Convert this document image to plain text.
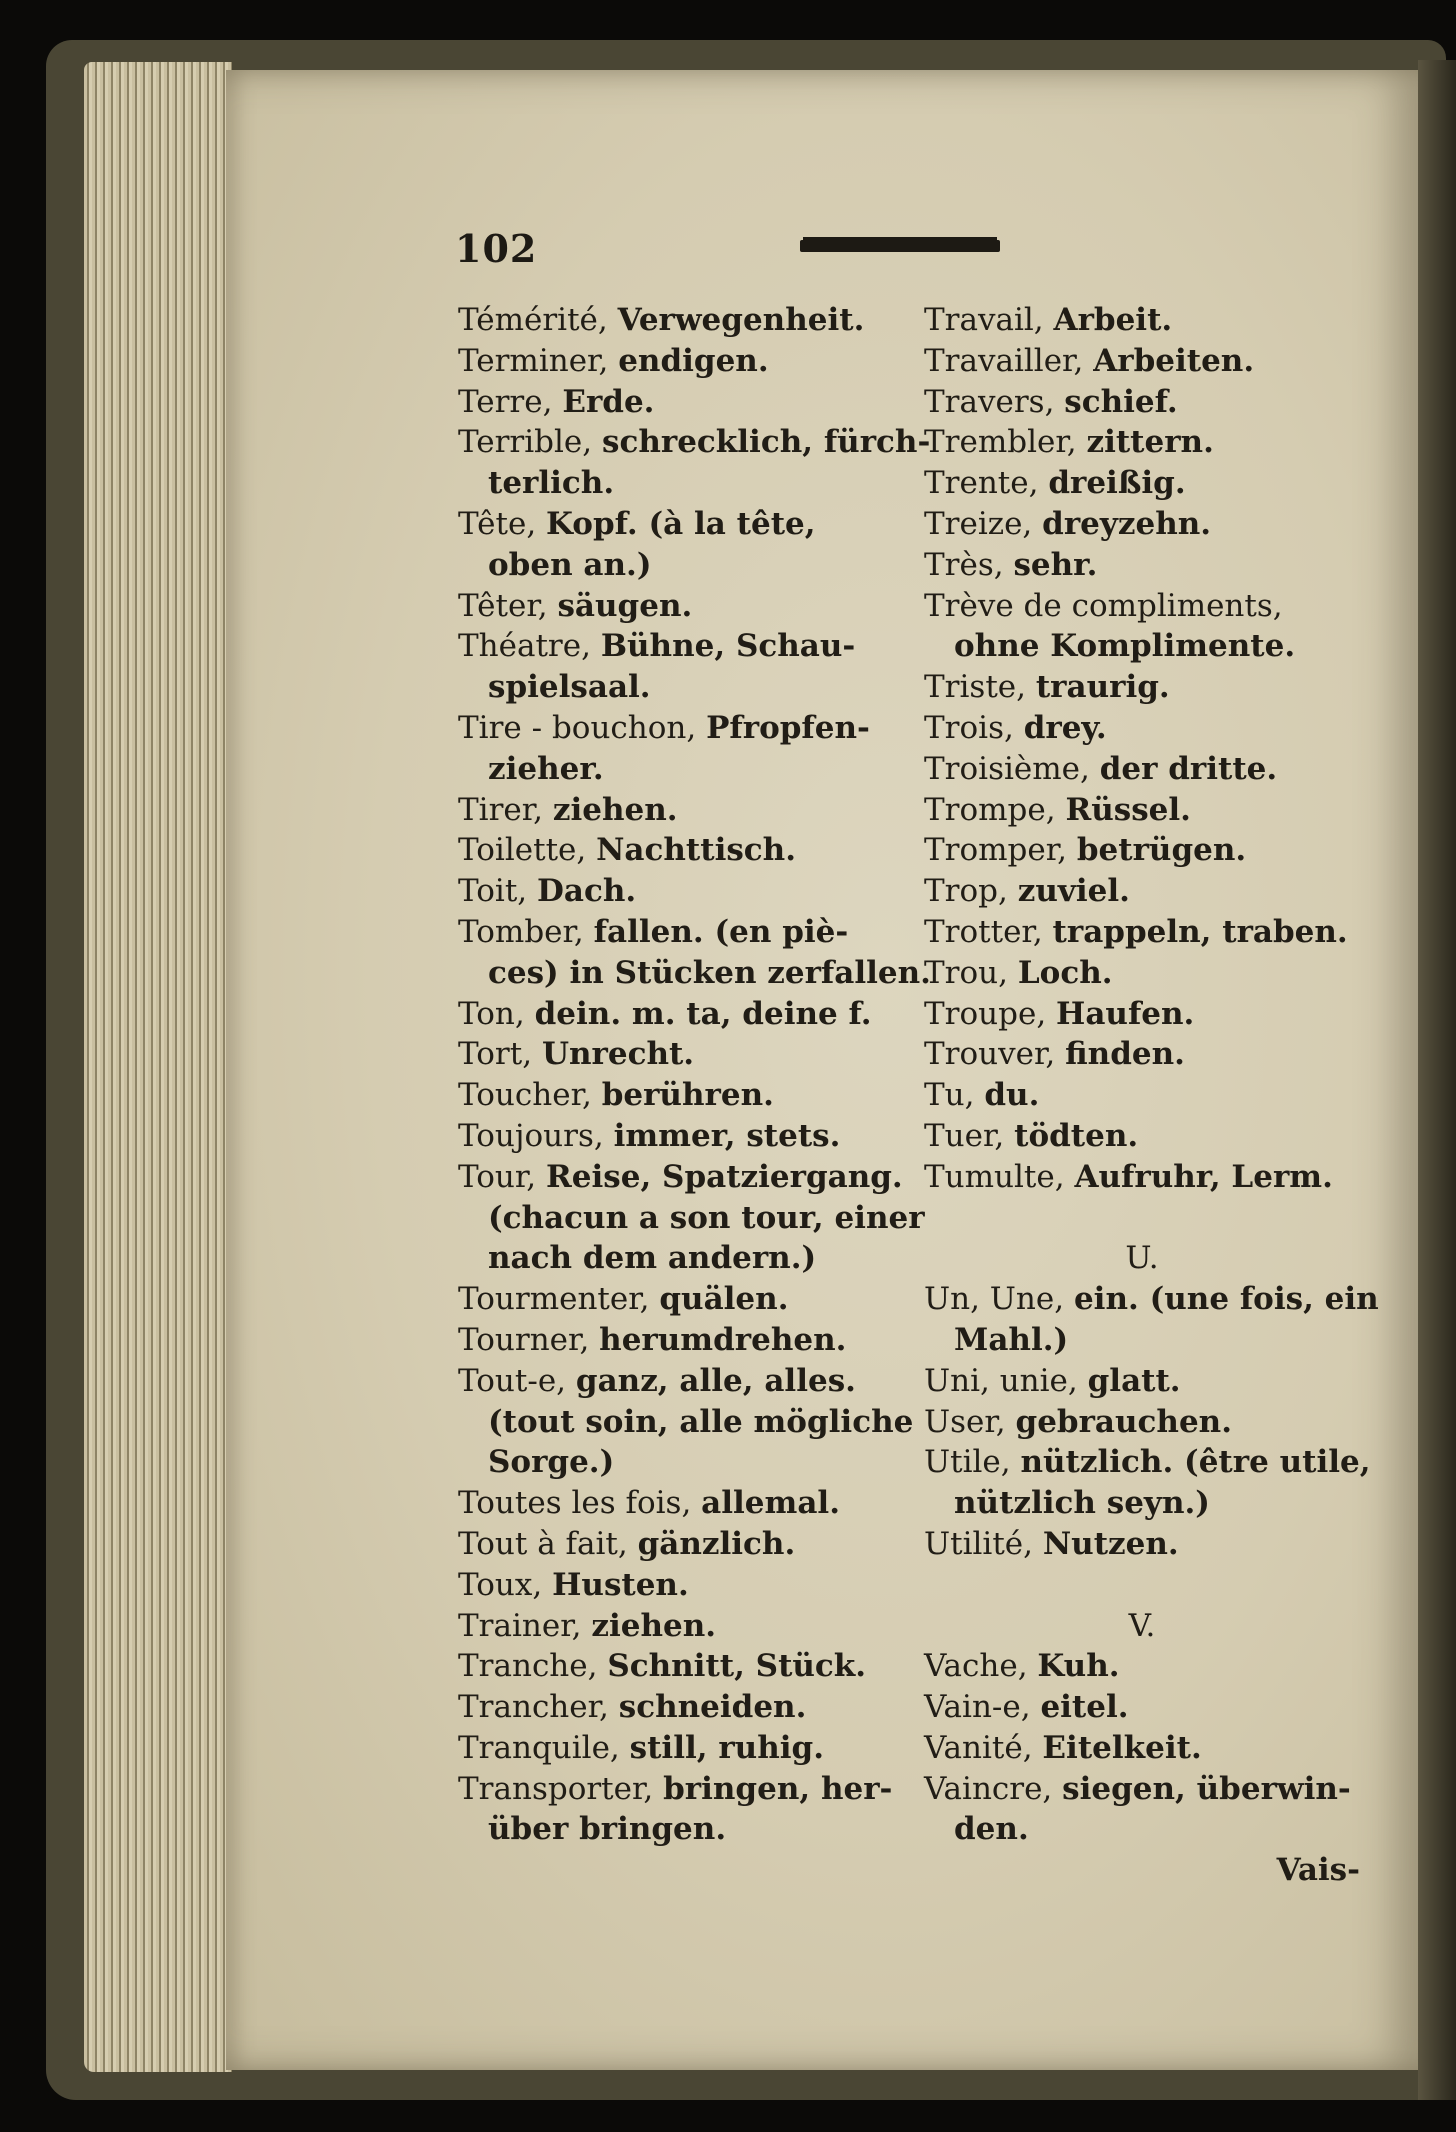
102
Témérité, Verwegenheit.
Terminer, endigen.
Terre, Erde.
Terrible, schrecklich, fürch-
terlich.
Tête, Kopf. (à la tête,
oben an.)
Têter, säugen.
Théatre, Bühne, Schau-
spielsaal.
Tire - bouchon, Pfropfen-
zieher.
Tirer, ziehen.
Toilette, Nachttisch.
Toit, Dach.
Tomber, fallen. (en piè-
ces) in Stücken zerfallen.
Ton, dein. m. ta, deine f.
Tort, Unrecht.
Toucher, berühren.
Toujours, immer, stets.
Tour, Reise, Spatziergang.
(chacun a son tour, einer
nach dem andern.)
Tourmenter, quälen.
Tourner, herumdrehen.
Tout-e, ganz, alle, alles.
(tout soin, alle mögliche
Sorge.)
Toutes les fois, allemal.
Tout à fait, gänzlich.
Toux, Husten.
Trainer, ziehen.
Tranche, Schnitt, Stück.
Trancher, schneiden.
Tranquile, still, ruhig.
Transporter, bringen, her-
über bringen.
Travail, Arbeit.
Travailler, Arbeiten.
Travers, schief.
Trembler, zittern.
Trente, dreißig.
Treize, dreyzehn.
Très, sehr.
Trève de compliments,
ohne Komplimente.
Triste, traurig.
Trois, drey.
Troisième, der dritte.
Trompe, Rüssel.
Tromper, betrügen.
Trop, zuviel.
Trotter, trappeln, traben.
Trou, Loch.
Troupe, Haufen.
Trouver, finden.
Tu, du.
Tuer, tödten.
Tumulte, Aufruhr, Lerm.
U.
Un, Une, ein. (une fois, ein
Mahl.)
Uni, unie, glatt.
User, gebrauchen.
Utile, nützlich. (être utile,
nützlich seyn.)
Utilité, Nutzen.
V.
Vache, Kuh.
Vain-e, eitel.
Vanité, Eitelkeit.
Vaincre, siegen, überwin-
den.
Vais-
